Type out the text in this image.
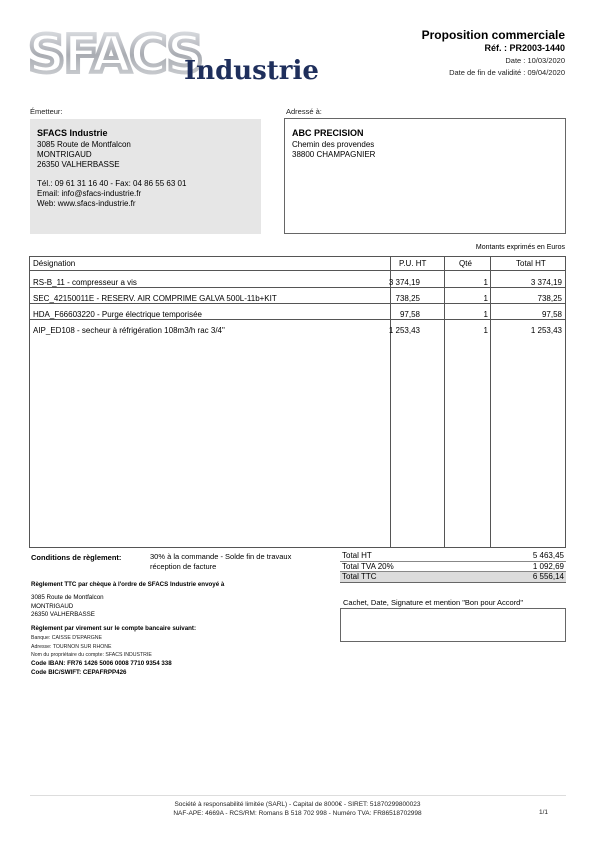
SFACS
Industrie
Proposition commerciale
Réf. : PR2003-1440
Date : 10/03/2020
Date de fin de validité : 09/04/2020
Émetteur:	Adressé à:
SFACS Industrie
3085 Route de Montfalcon
MONTRIGAUD
26350 VALHERBASSE
Tél.: 09 61 31 16 40 - Fax: 04 86 55 63 01
Email: info@sfacs-industrie.fr
Web: www.sfacs-industrie.fr
ABC PRECISION
Chemin des provendes
38800 CHAMPAGNIER
Montants exprimés en Euros
Désignation	P.U. HT	Qté	Total HT
RS-B_11 - compresseur a vis	3 374,19	1	3 374,19
SEC_42150011E - RESERV. AIR COMPRIME GALVA 500L-11b+KIT	738,25	1	738,25
HDA_F66603220 - Purge électrique temporisée	97,58	1	97,58
AIP_ED108 - secheur à réfrigération 108m3/h rac 3/4"	1 253,43	1	1 253,43
Conditions de règlement:	30% à la commande - Solde fin de travaux réception de facture
Règlement TTC par chèque à l'ordre de SFACS Industrie envoyé à
3085 Route de Montfalcon
MONTRIGAUD
26350 VALHERBASSE
Règlement par virement sur le compte bancaire suivant:
Banque: CAISSE D'EPARGNE
Adresse: TOURNON SUR RHONE
Nom du propriétaire du compte: SFACS INDUSTRIE
Code IBAN: FR76 1426 5006 0008 7710 9354 338
Code BIC/SWIFT: CEPAFRPP426
Total HT	5 463,45
Total TVA 20%	1 092,69
Total TTC	6 556,14
Cachet, Date, Signature et mention "Bon pour Accord"
Société à responsabilité limitée (SARL) - Capital de 8000€ - SIRET: 51870299800023
NAF-APE: 4669A - RCS/RM: Romans B 518 702 998 - Numéro TVA: FR86518702998	1/1
